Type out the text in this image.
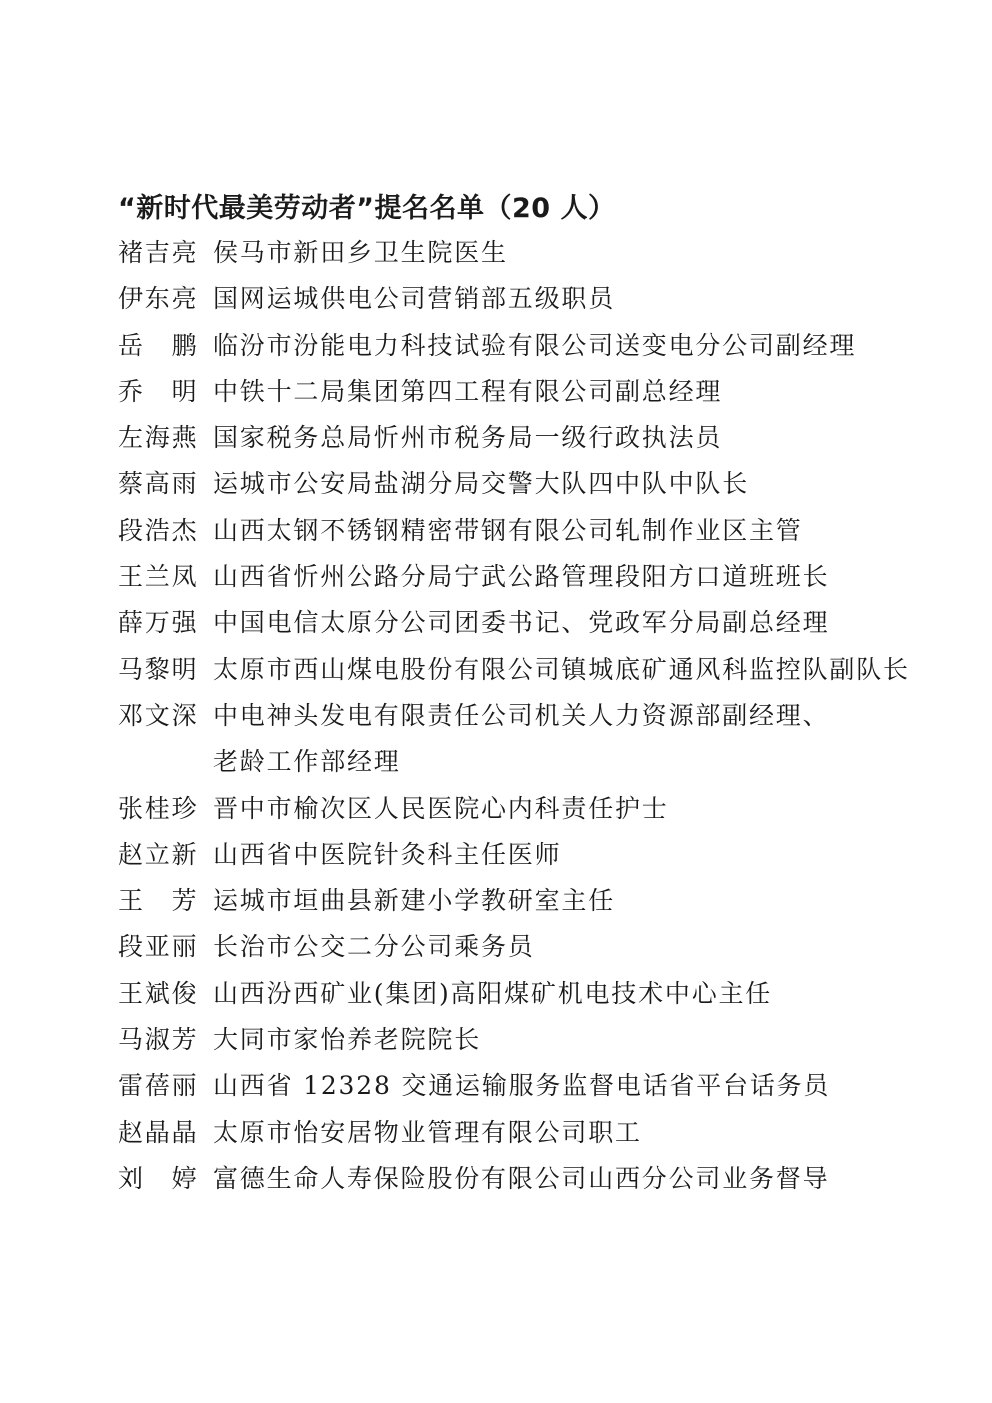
“新时代最美劳动者”提名名单（20 人）
褚吉亮 侯马市新田乡卫生院医生
伊东亮 国网运城供电公司营销部五级职员
岳　鹏 临汾市汾能电力科技试验有限公司送变电分公司副经理
乔　明 中铁十二局集团第四工程有限公司副总经理
左海燕 国家税务总局忻州市税务局一级行政执法员
蔡高雨 运城市公安局盐湖分局交警大队四中队中队长
段浩杰 山西太钢不锈钢精密带钢有限公司轧制作业区主管
王兰凤 山西省忻州公路分局宁武公路管理段阳方口道班班长
薛万强 中国电信太原分公司团委书记、党政军分局副总经理
马黎明 太原市西山煤电股份有限公司镇城底矿通风科监控队副队长
邓文深 中电神头发电有限责任公司机关人力资源部副经理、
老龄工作部经理
张桂珍 晋中市榆次区人民医院心内科责任护士
赵立新 山西省中医院针灸科主任医师
王　芳 运城市垣曲县新建小学教研室主任
段亚丽 长治市公交二分公司乘务员
王斌俊 山西汾西矿业(集团)高阳煤矿机电技术中心主任
马淑芳 大同市家怡养老院院长
雷蓓丽 山西省 12328 交通运输服务监督电话省平台话务员
赵晶晶 太原市怡安居物业管理有限公司职工
刘　婷 富德生命人寿保险股份有限公司山西分公司业务督导
